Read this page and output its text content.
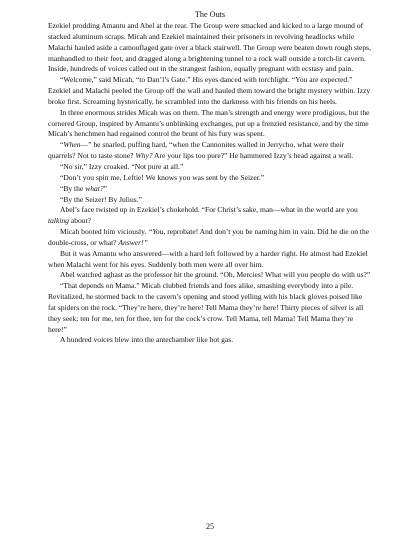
The Outs

Ezekiel prodding Amantu and Abel at the rear. The Group were smacked and kicked to a large mound of stacked aluminum scraps. Micah and Ezekiel maintained their prisoners in revolving headlocks while Malachi hauled aside a camouflaged gate over a black stairwell. The Group were beaten down rough steps, manhandled to their feet, and dragged along a brightening tunnel to a rock wall outside a torch-lit cavern. Inside, hundreds of voices called out in the strangest fashion, equally pregnant with ecstasy and pain.

“Welcome,” said Micah, “to Dan’l’s Gate.” His eyes danced with torchlight. “You are expected.” Ezekiel and Malachi peeled the Group off the wall and hauled them toward the bright mystery within. Izzy broke first. Screaming hysterically, he scrambled into the darkness with his friends on his heels.

In three enormous strides Micah was on them. The man’s strength and energy were prodigious, but the cornered Group, inspired by Amantu’s unblinking exchanges, put up a frenzied resistance, and by the time Micah’s henchmen had regained control the brunt of his fury was spent.

“When—” he snarled, puffing hard, “when the Cannonites walled in Jerrycho, what were their quarrels? Not to taste stone? Why? Are your lips too pure?” He hammered Izzy’s head against a wall.

“No sir,” Izzy croaked. “Not pure at all.”

“Don’t you spin me, Leftie! We knows you was sent by the Seizer.”

“By the what?”

“By the Seizer! By Julius.”

Abel’s face twisted up in Ezekiel’s chokehold. “For Christ’s sake, man—what in the world are you talking about?

Micah booted him viciously. “You, reprobate! And don’t you be naming him in vain. Did he die on the double-cross, or what? Answer!”

But it was Amantu who answered—with a hard left followed by a harder right. He almost had Ezekiel when Malachi went for his eyes. Suddenly both men were all over him.

Abel watched aghast as the professor hit the ground. “Oh, Mercies! What will you people do with us?”

“That depends on Mama.” Micah clubbed friends and foes alike, smashing everybody into a pile. Revitalized, he stormed back to the cavern’s opening and stood yelling with his black gloves poised like fat spiders on the rock. “They’re here, they’re here! Tell Mama they’re here! Thirty pieces of silver is all they seek; ten for me, ten for thee, ten for the cock’s crow. Tell Mama, tell Mama! Tell Mama they’re here!”

A hundred voices blew into the antechamber like hot gas.

25
